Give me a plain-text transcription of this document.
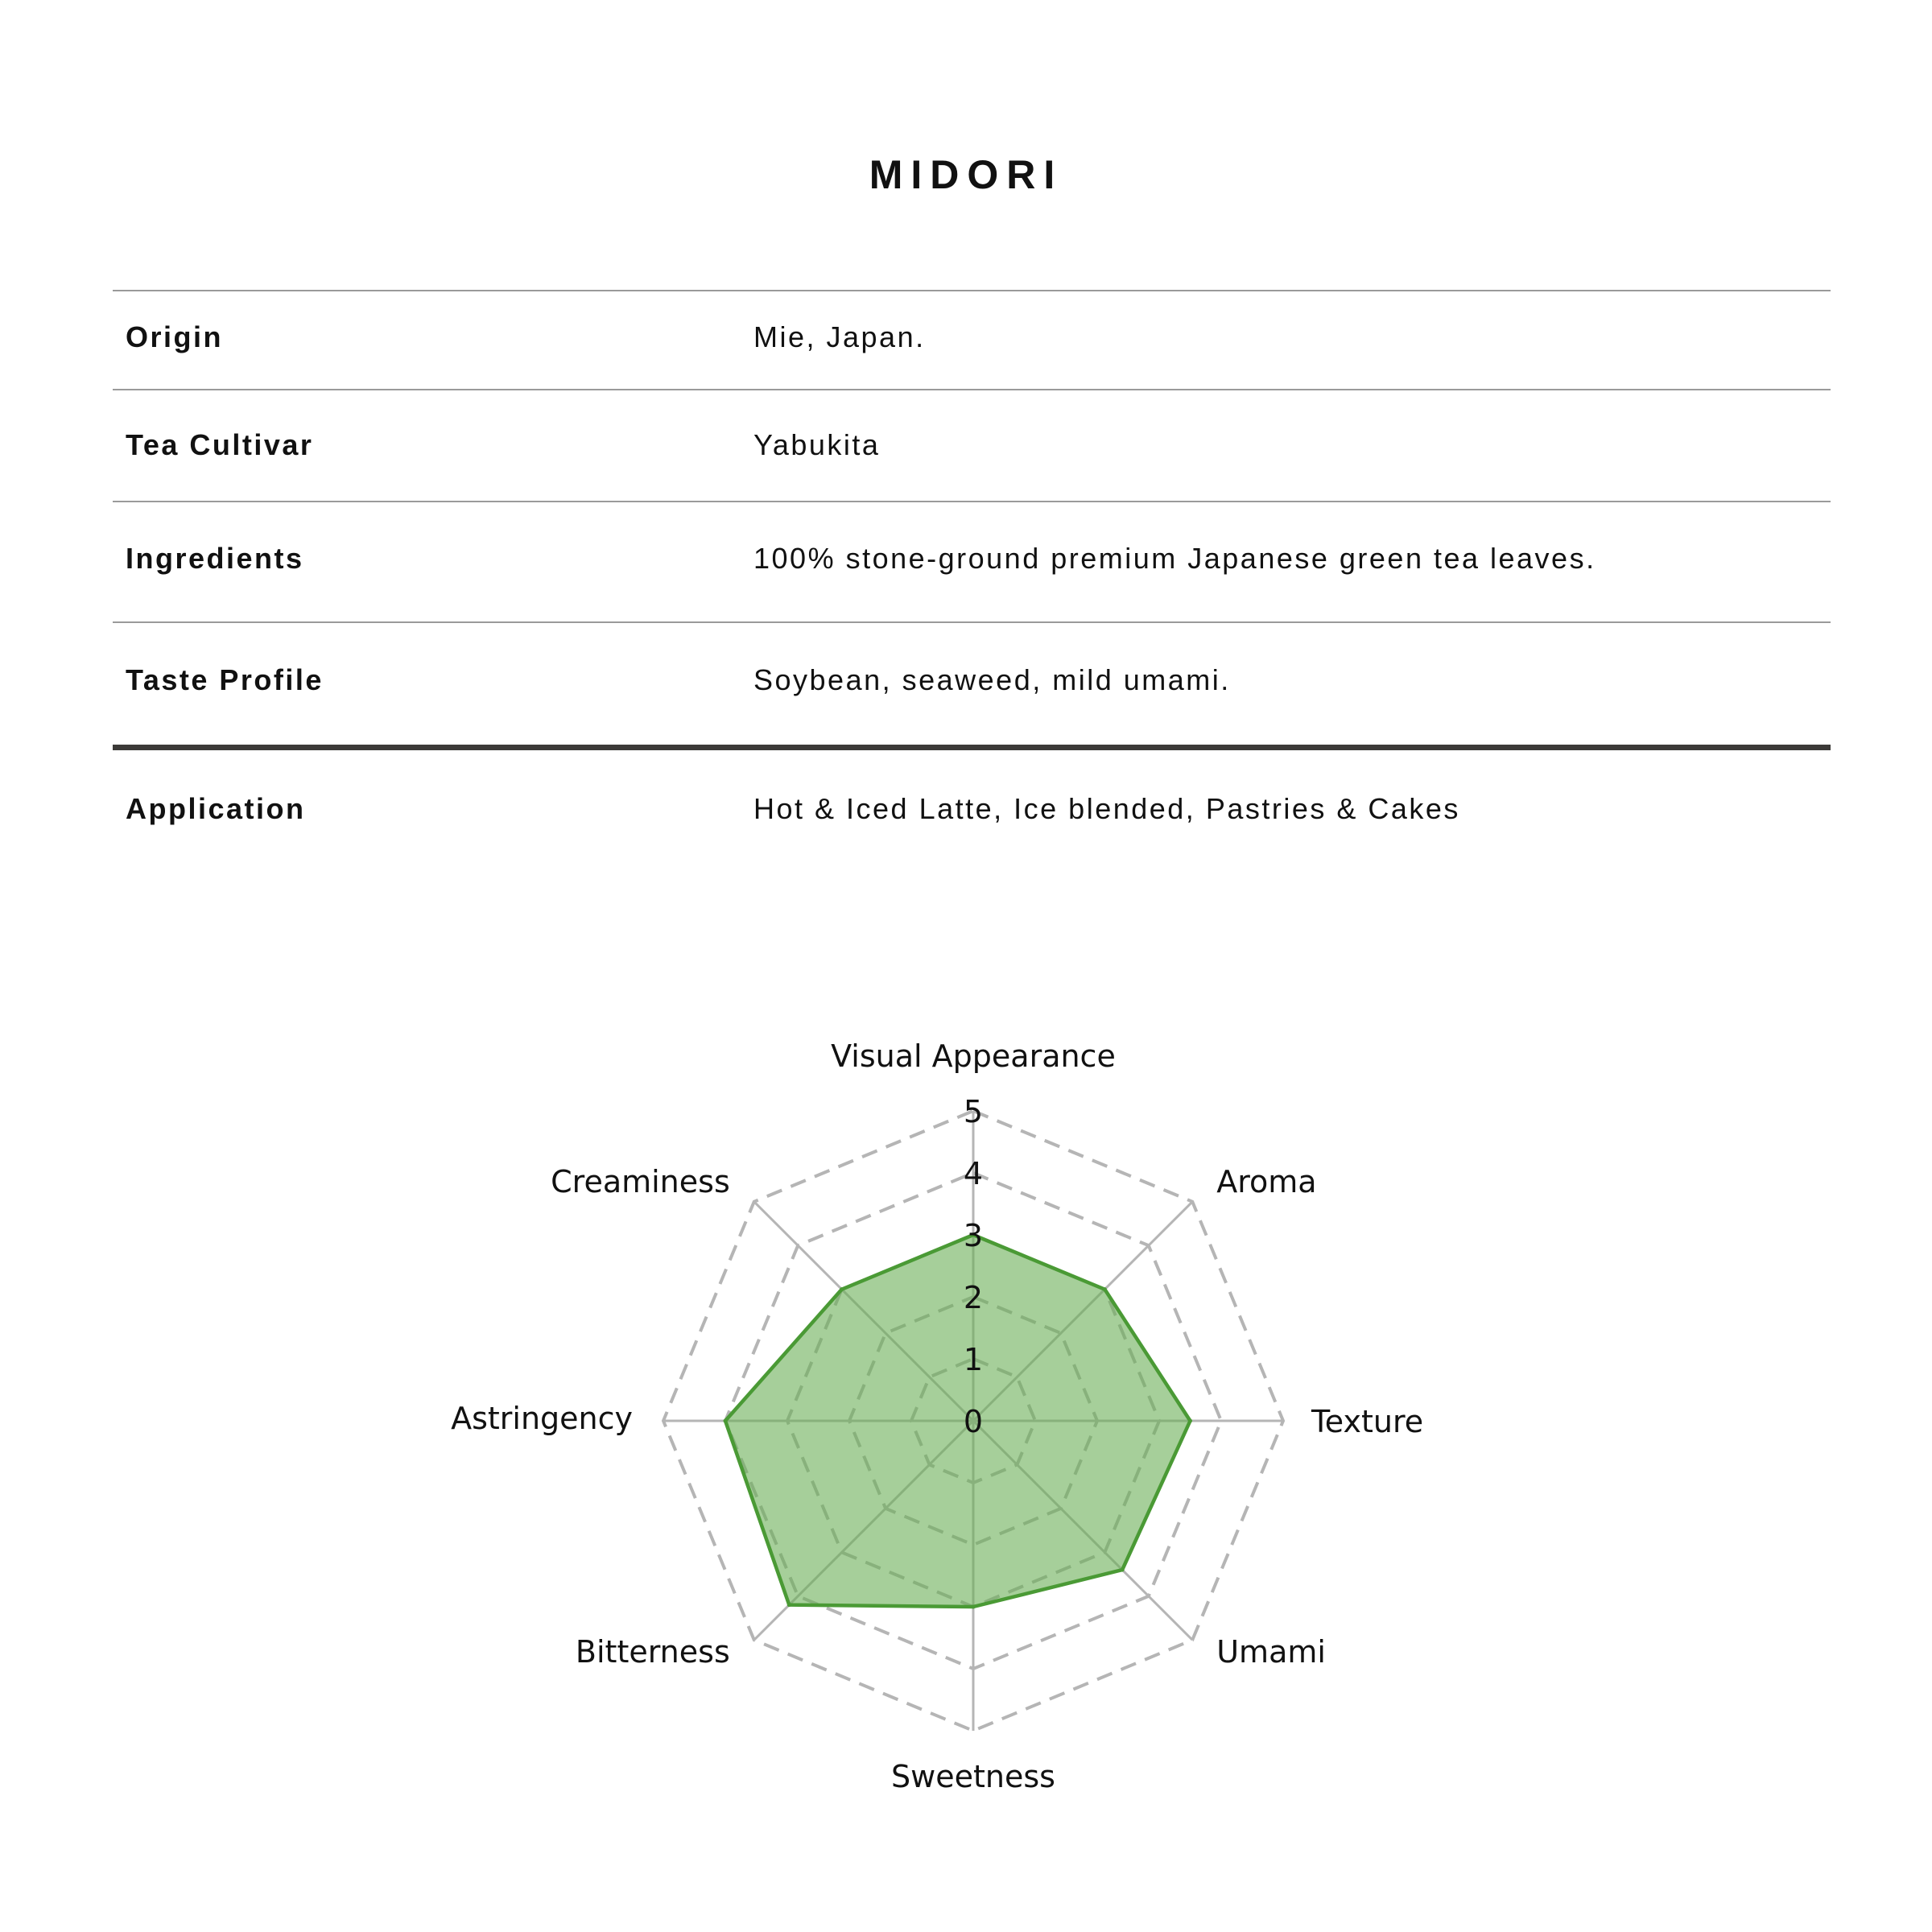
MIDORI
Origin	Mie, Japan.
Tea Cultivar	Yabukita
Ingredients	100% stone-ground premium Japanese green tea leaves.
Taste Profile	Soybean, seaweed, mild umami.
Application	Hot & Iced Latte, Ice blended, Pastries & Cakes
0
1
2
3
4
5
Visual Appearance
Aroma
Texture
Umami
Sweetness
Bitterness
Astringency
Creaminess
